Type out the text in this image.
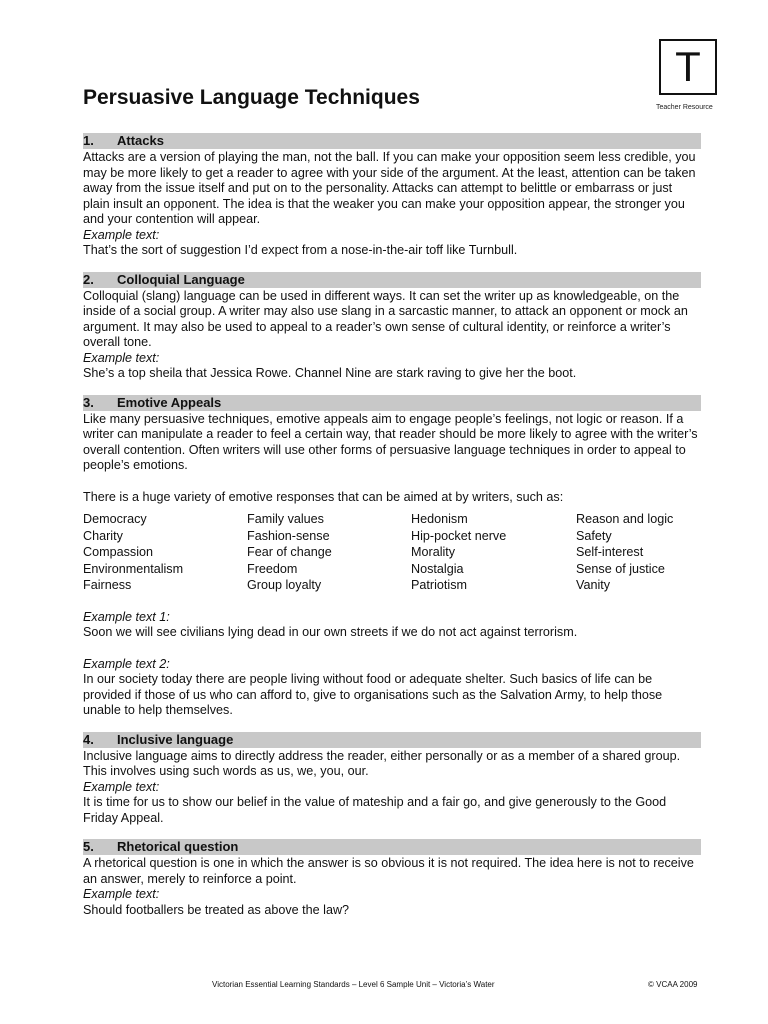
T
Teacher Resource
Persuasive Language Techniques
1. Attacks

Attacks are a version of playing the man, not the ball. If you can make your opposition seem less credible, you may be more likely to get a reader to agree with your side of the argument. At the least, attention can be taken away from the issue itself and put on to the personality. Attacks can attempt to belittle or embarrass or just plain insult an opponent. The idea is that the weaker you can make your opposition appear, the stronger you and your contention will appear.

Example text:

That’s the sort of suggestion I’d expect from a nose-in-the-air toff like Turnbull.

2. Colloquial Language

Colloquial (slang) language can be used in different ways. It can set the writer up as knowledgeable, on the inside of a social group. A writer may also use slang in a sarcastic manner, to attack an opponent or mock an argument. It may also be used to appeal to a reader’s own sense of cultural identity, or reinforce a writer’s overall tone.

Example text:

She’s a top sheila that Jessica Rowe. Channel Nine are stark raving to give her the boot.

3. Emotive Appeals

Like many persuasive techniques, emotive appeals aim to engage people’s feelings, not logic or reason. If a writer can manipulate a reader to feel a certain way, that reader should be more likely to agree with the writer’s overall contention. Often writers will use other forms of persuasive language techniques in order to appeal to people’s emotions.

There is a huge variety of emotive responses that can be aimed at by writers, such as:

Democracy	Family values	Hedonism	Reason and logic
Charity	Fashion-sense	Hip-pocket nerve	Safety
Compassion	Fear of change	Morality	Self-interest
Environmentalism	Freedom	Nostalgia	Sense of justice
Fairness	Group loyalty	Patriotism	Vanity

Example text 1:

Soon we will see civilians lying dead in our own streets if we do not act against terrorism.

Example text 2:

In our society today there are people living without food or adequate shelter. Such basics of life can be provided if those of us who can afford to, give to organisations such as the Salvation Army, to help those unable to help themselves.

4. Inclusive language

Inclusive language aims to directly address the reader, either personally or as a member of a shared group. This involves using such words as us, we, you, our.

Example text:

It is time for us to show our belief in the value of mateship and a fair go, and give generously to the Good Friday Appeal.

5. Rhetorical question

A rhetorical question is one in which the answer is so obvious it is not required. The idea here is not to receive an answer, merely to reinforce a point.

Example text:

Should footballers be treated as above the law?

Victorian Essential Learning Standards – Level 6 Sample Unit – Victoria’s Water	© VCAA 2009
